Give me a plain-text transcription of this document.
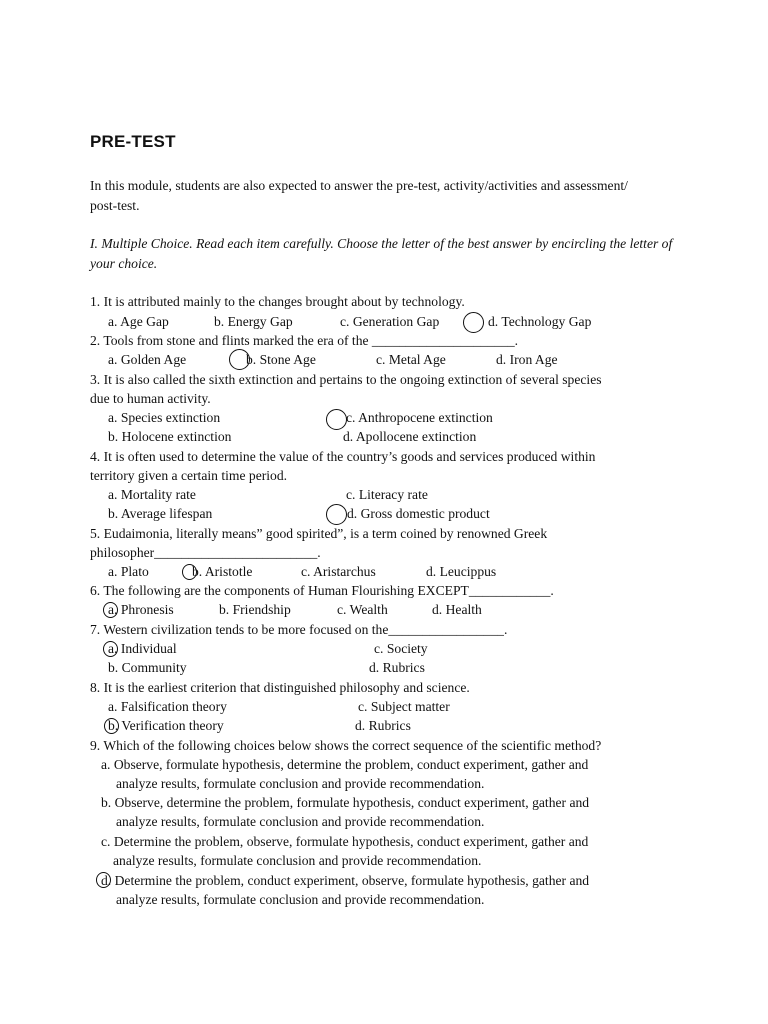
PRE-TEST
In this module, students are also expected to answer the pre-test, activity/activities and assessment/ post-test.
I. Multiple Choice. Read each item carefully. Choose the letter of the best answer by encircling the letter of your choice.
1. It is attributed mainly to the changes brought about by technology.
a. Age Gap	b. Energy Gap	c. Generation Gap	d. Technology Gap
2. Tools from stone and flints marked the era of the _____________________.
a. Golden Age	b. Stone Age	c. Metal Age	d. Iron Age
3. It is also called the sixth extinction and pertains to the ongoing extinction of several species
due to human activity.
a. Species extinction	c. Anthropocene extinction
b. Holocene extinction	d. Apollocene extinction
4. It is often used to determine the value of the country’s goods and services produced within
territory given a certain time period.
a. Mortality rate	c. Literacy rate
b. Average lifespan	d. Gross domestic product
5. Eudaimonia, literally means” good spirited”, is a term coined by renowned Greek
philosopher________________________.
a. Plato	b. Aristotle	c. Aristarchus	d. Leucippus
6. The following are the components of Human Flourishing EXCEPT____________.
a. Phronesis	b. Friendship	c. Wealth	d. Health
7. Western civilization tends to be more focused on the_________________.
a. Individual	c. Society
b. Community	d. Rubrics
8. It is the earliest criterion that distinguished philosophy and science.
a. Falsification theory	c. Subject matter
b. Verification theory	d. Rubrics
9. Which of the following choices below shows the correct sequence of the scientific method?
a. Observe, formulate hypothesis, determine the problem, conduct experiment, gather and
analyze results, formulate conclusion and provide recommendation.
b. Observe, determine the problem, formulate hypothesis, conduct experiment, gather and
analyze results, formulate conclusion and provide recommendation.
c. Determine the problem, observe, formulate hypothesis, conduct experiment, gather and
analyze results, formulate conclusion and provide recommendation.
d. Determine the problem, conduct experiment, observe, formulate hypothesis, gather and
analyze results, formulate conclusion and provide recommendation.
